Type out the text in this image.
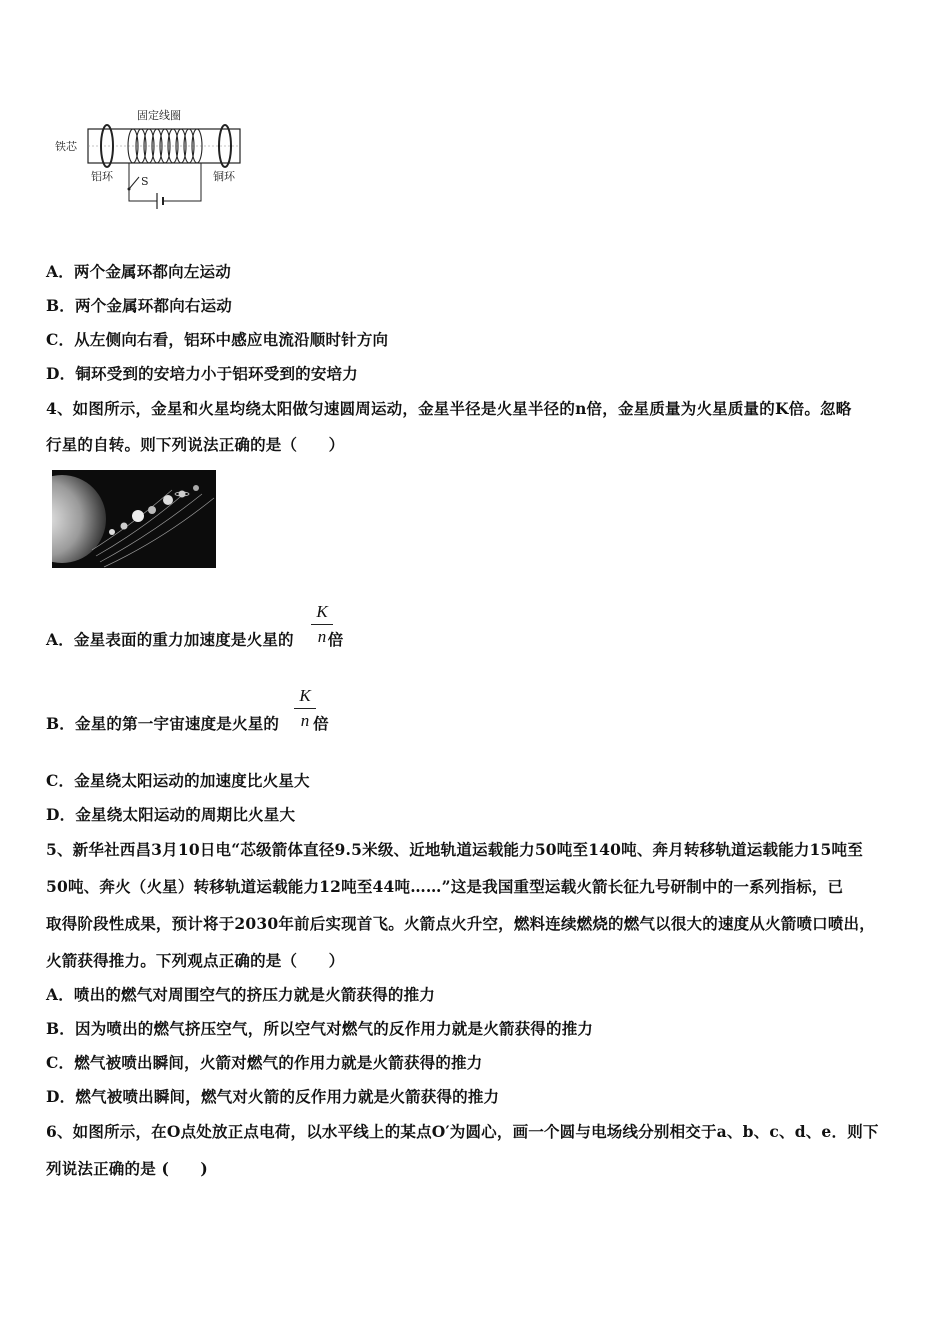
铁芯
固定线圈
铝环	铜环
S
A．两个金属环都向左运动
B．两个金属环都向右运动
C．从左侧向右看，铝环中感应电流沿顺时针方向
D．铜环受到的安培力小于铝环受到的安培力
4、如图所示，金星和火星均绕太阳做匀速圆周运动，金星半径是火星半径的n倍，金星质量为火星质量的K倍。忽略
行星的自转。则下列说法正确的是（　　）
A．金星表面的重力加速度是火星的 倍
K
n
B．金星的第一宇宙速度是火星的 倍
K
n
C．金星绕太阳运动的加速度比火星大
D．金星绕太阳运动的周期比火星大
5、新华社西昌3月10日电“芯级箭体直径9.5米级、近地轨道运载能力50吨至140吨、奔月转移轨道运载能力15吨至
50吨、奔火（火星）转移轨道运载能力12吨至44吨……”这是我国重型运载火箭长征九号研制中的一系列指标，已
取得阶段性成果，预计将于2030年前后实现首飞。火箭点火升空，燃料连续燃烧的燃气以很大的速度从火箭喷口喷出，
火箭获得推力。下列观点正确的是（　　）
A．喷出的燃气对周围空气的挤压力就是火箭获得的推力
B．因为喷出的燃气挤压空气，所以空气对燃气的反作用力就是火箭获得的推力
C．燃气被喷出瞬间，火箭对燃气的作用力就是火箭获得的推力
D．燃气被喷出瞬间，燃气对火箭的反作用力就是火箭获得的推力
6、如图所示，在O点处放正点电荷，以水平线上的某点O′为圆心，画一个圆与电场线分别相交于a、b、c、d、e．则下
列说法正确的是 (　　)
